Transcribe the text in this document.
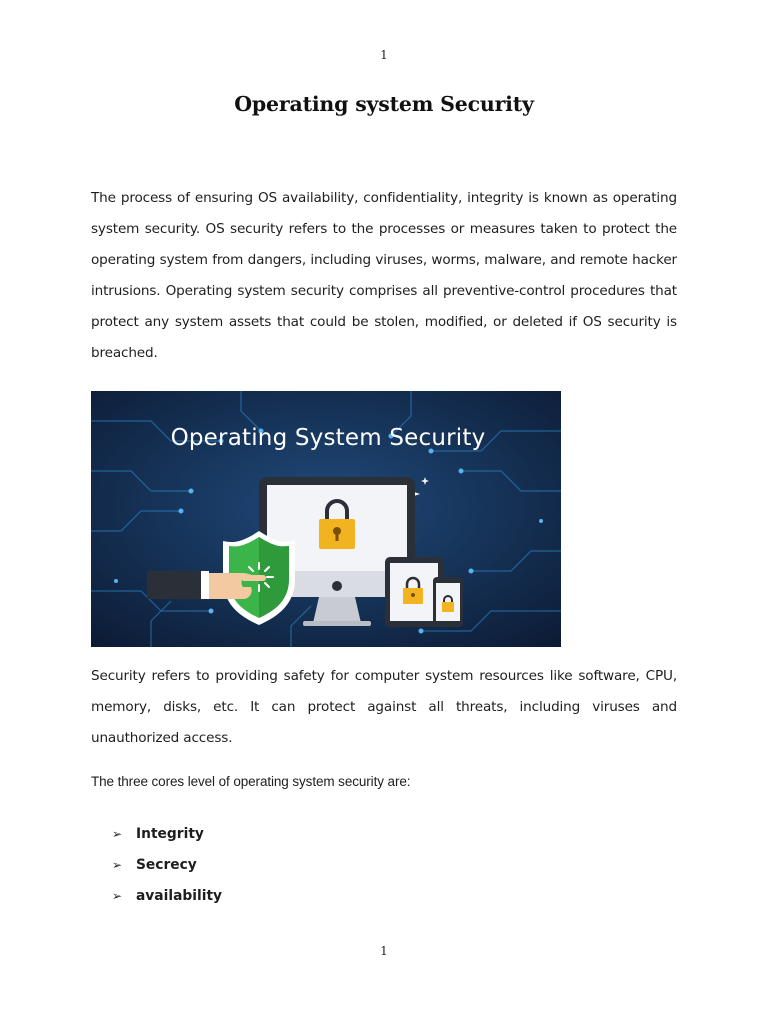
1
Operating system Security

The process of ensuring OS availability, confidentiality, integrity is known as operating system security. OS security refers to the processes or measures taken to protect the operating system from dangers, including viruses, worms, malware, and remote hacker intrusions. Operating system security comprises all preventive-control procedures that protect any system assets that could be stolen, modified, or deleted if OS security is breached.

Operating System Security

Security refers to providing safety for computer system resources like software, CPU, memory, disks, etc. It can protect against all threats, including viruses and unauthorized access.

The three cores level of operating system security are:

➢	Integrity
➢	Secrecy
➢	availability
1
